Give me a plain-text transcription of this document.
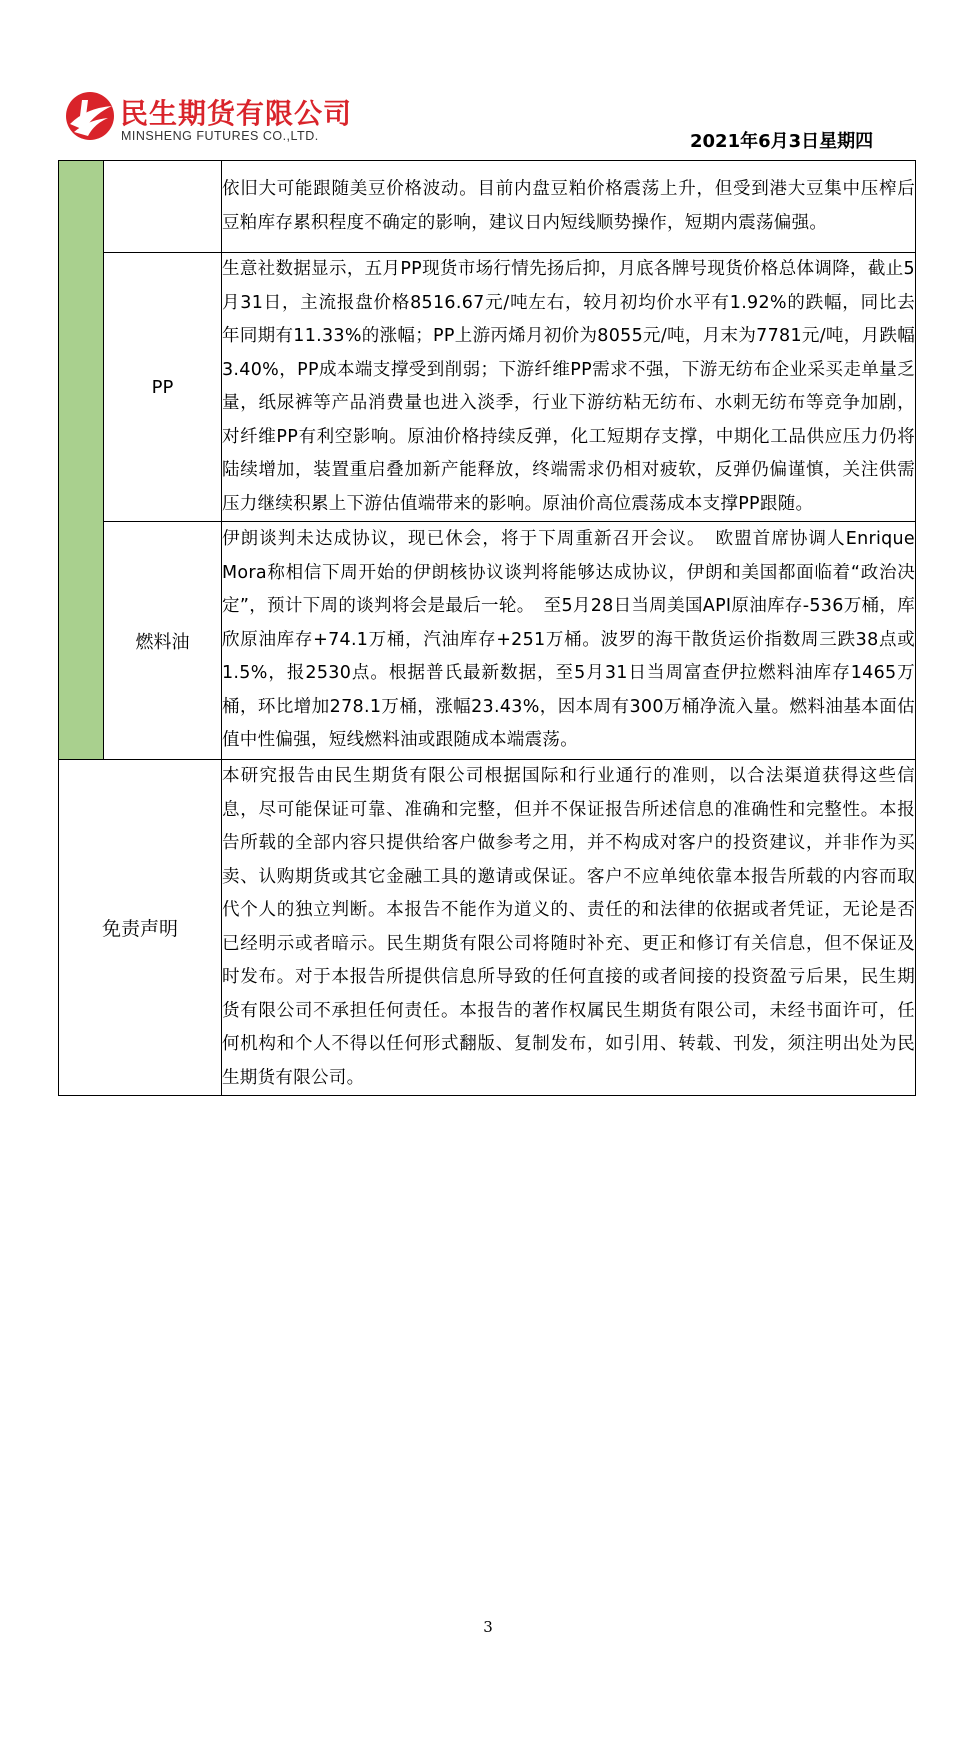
民生期货有限公司
MINSHENG FUTURES CO.,LTD.	2021年6月3日星期四
		依旧大可能跟随美豆价格波动。目前内盘豆粕价格震荡上升，但受到港大豆集中压榨后豆粕库存累积程度不确定的影响，建议日内短线顺势操作，短期内震荡偏强。
	PP	生意社数据显示，五月PP现货市场行情先扬后抑，月底各牌号现货价格总体调降，截止5月31日，主流报盘价格8516.67元/吨左右，较月初均价水平有1.92%的跌幅，同比去年同期有11.33%的涨幅；PP上游丙烯月初价为8055元/吨，月末为7781元/吨，月跌幅3.40%，PP成本端支撑受到削弱；下游纤维PP需求不强，下游无纺布企业采买走单量乏量，纸尿裤等产品消费量也进入淡季，行业下游纺粘无纺布、水刺无纺布等竞争加剧，对纤维PP有利空影响。原油价格持续反弹，化工短期存支撑，中期化工品供应压力仍将陆续增加，装置重启叠加新产能释放，终端需求仍相对疲软，反弹仍偏谨慎，关注供需压力继续积累上下游估值端带来的影响。原油价高位震荡成本支撑PP跟随。
	燃料油	伊朗谈判未达成协议，现已休会，将于下周重新召开会议。　欧盟首席协调人Enrique Mora称相信下周开始的伊朗核协议谈判将能够达成协议，伊朗和美国都面临着“政治决定”，预计下周的谈判将会是最后一轮。　至5月28日当周美国API原油库存-536万桶，库欣原油库存+74.1万桶，汽油库存+251万桶。波罗的海干散货运价指数周三跌38点或1.5%，报2530点。根据普氏最新数据，至5月31日当周富查伊拉燃料油库存1465万桶，环比增加278.1万桶，涨幅23.43%，因本周有300万桶净流入量。燃料油基本面估值中性偏强，短线燃料油或跟随成本端震荡。
免责声明		本研究报告由民生期货有限公司根据国际和行业通行的准则，以合法渠道获得这些信息，尽可能保证可靠、准确和完整，但并不保证报告所述信息的准确性和完整性。本报告所载的全部内容只提供给客户做参考之用，并不构成对客户的投资建议，并非作为买卖、认购期货或其它金融工具的邀请或保证。客户不应单纯依靠本报告所载的内容而取代个人的独立判断。本报告不能作为道义的、责任的和法律的依据或者凭证，无论是否已经明示或者暗示。民生期货有限公司将随时补充、更正和修订有关信息，但不保证及时发布。对于本报告所提供信息所导致的任何直接的或者间接的投资盈亏后果，民生期货有限公司不承担任何责任。本报告的著作权属民生期货有限公司，未经书面许可，任何机构和个人不得以任何形式翻版、复制发布，如引用、转载、刊发，须注明出处为民生期货有限公司。
3
